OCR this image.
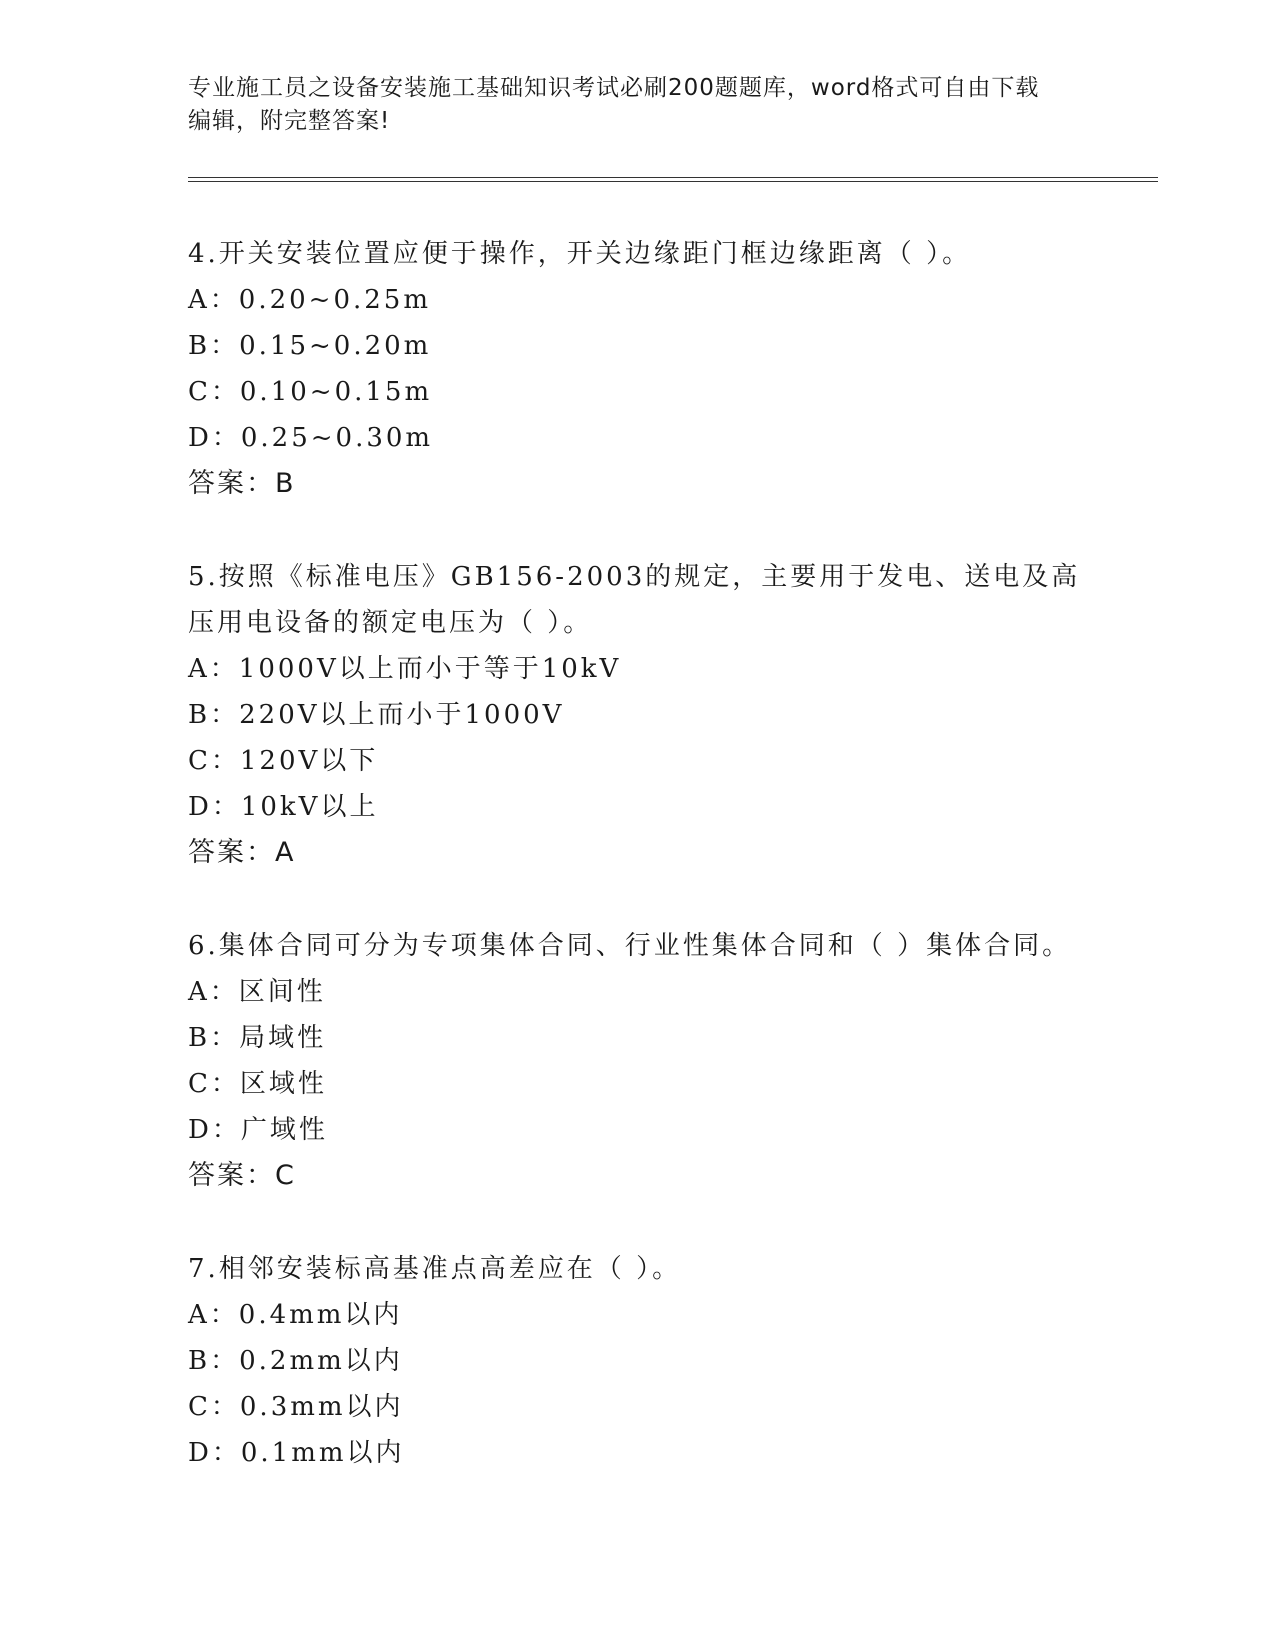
专业施工员之设备安装施工基础知识考试必刷200题题库，word格式可自由下载
编辑，附完整答案!
4.开关安装位置应便于操作，开关边缘距门框边缘距离（ ）。
A：0.20~0.25m
B：0.15~0.20m
C：0.10~0.15m
D：0.25~0.30m
答案：B
5.按照《标准电压》GB156-2003的规定，主要用于发电、送电及高压用电设备的额定电压为（ ）。
A：1000V以上而小于等于10kV
B：220V以上而小于1000V
C：120V以下
D：10kV以上
答案：A
6.集体合同可分为专项集体合同、行业性集体合同和（ ）集体合同。
A：区间性
B：局域性
C：区域性
D：广域性
答案：C
7.相邻安装标高基准点高差应在（ ）。
A：0.4mm以内
B：0.2mm以内
C：0.3mm以内
D：0.1mm以内
